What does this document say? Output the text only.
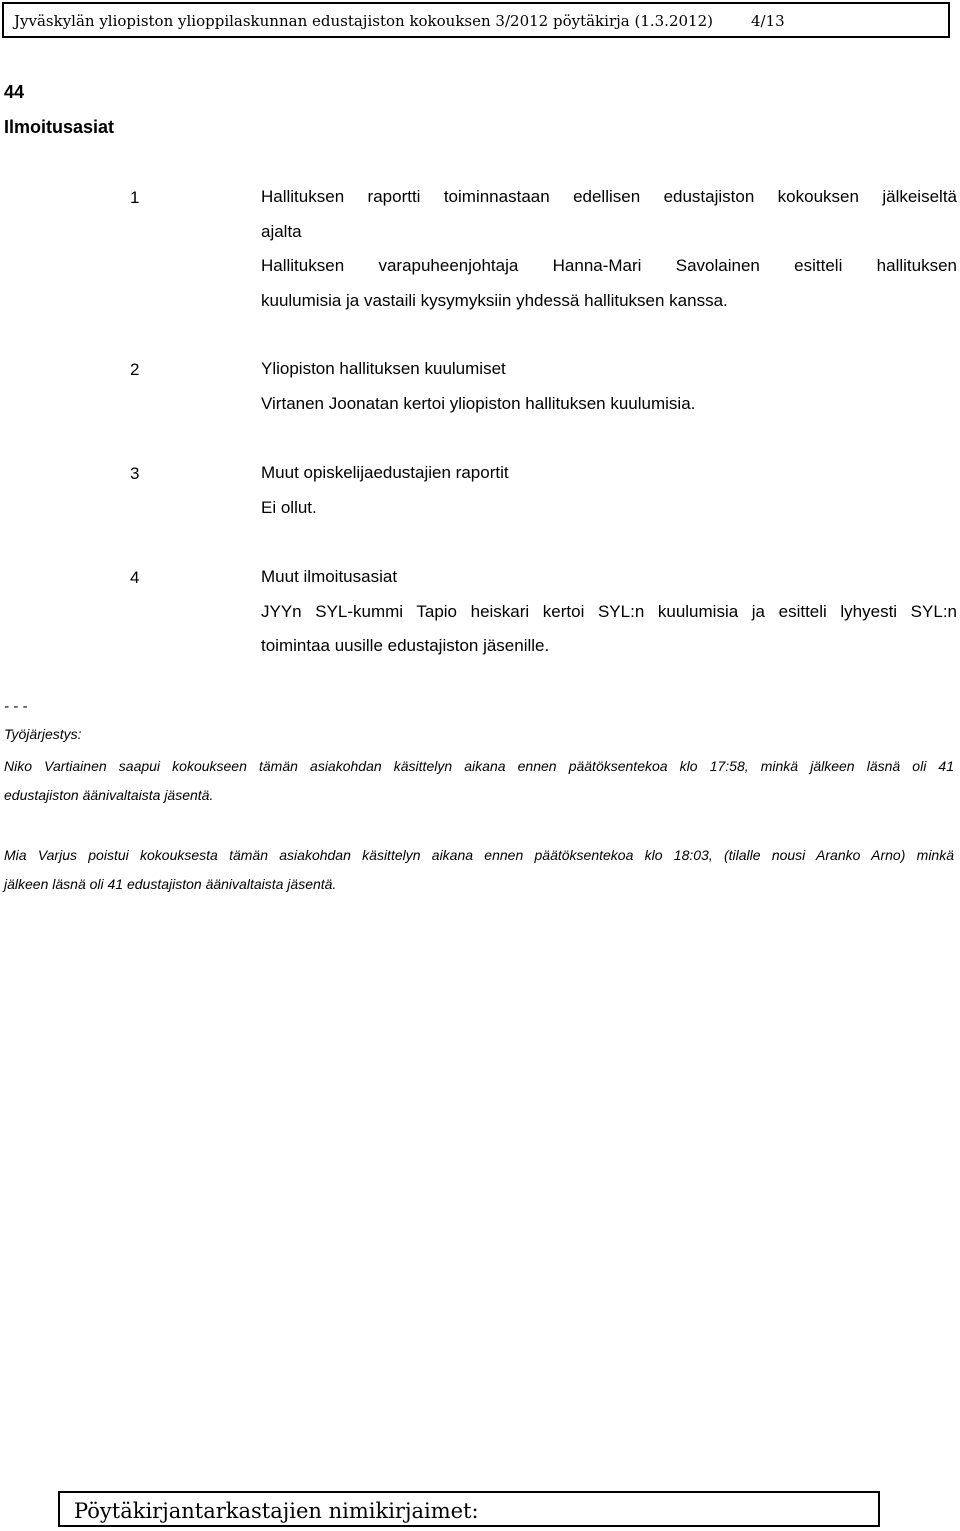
Jyväskylän yliopiston ylioppilaskunnan edustajiston kokouksen 3/2012 pöytäkirja (1.3.2012)	4/13
44
Ilmoitusasiat
1	Hallituksen raportti toiminnastaan edellisen edustajiston kokouksen jälkeiseltä
ajalta
Hallituksen varapuheenjohtaja Hanna-Mari Savolainen esitteli hallituksen
kuulumisia ja vastaili kysymyksiin yhdessä hallituksen kanssa.
2	Yliopiston hallituksen kuulumiset
Virtanen Joonatan kertoi yliopiston hallituksen kuulumisia.
3	Muut opiskelijaedustajien raportit
Ei ollut.
4	Muut ilmoitusasiat
JYYn SYL-kummi Tapio heiskari kertoi SYL:n kuulumisia ja esitteli lyhyesti SYL:n
toimintaa uusille edustajiston jäsenille.
- - -
Työjärjestys:
Niko Vartiainen saapui kokoukseen tämän asiakohdan käsittelyn aikana ennen päätöksentekoa klo 17:58, minkä jälkeen läsnä oli 41
edustajiston äänivaltaista jäsentä.
Mia Varjus poistui kokouksesta tämän asiakohdan käsittelyn aikana ennen päätöksentekoa klo 18:03, (tilalle nousi Aranko Arno) minkä
jälkeen läsnä oli 41 edustajiston äänivaltaista jäsentä.
Pöytäkirjantarkastajien nimikirjaimet:
